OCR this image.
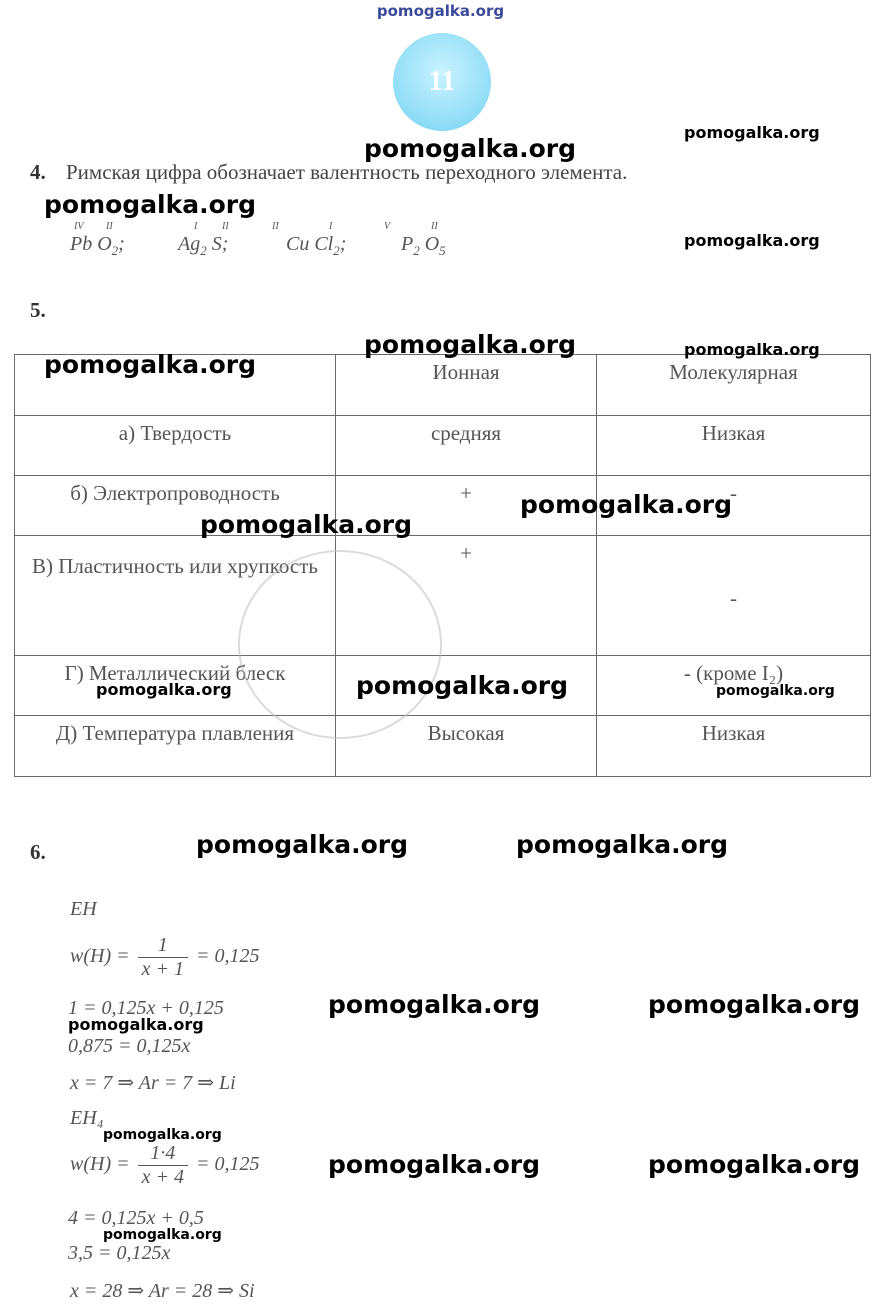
pomogalka.org
11
4. Римская цифра обозначает валентность переходного элемента.
IV II
Pb $O_2$;
I II
$Ag_2$ S;
II	I
Cu $Cl_2$;
V	II
$P_2$ $O_5$
5.
	Ионная	Молекулярная
а) Твердость	средняя	Низкая
б) Электропроводность	+	-
В) Пластичность или хрупкость	+	-
Г) Металлический блеск		- (кроме I₂)
Д) Температура плавления	Высокая	Низкая
6.
EH
$w(H) = \frac{1}{x + 1} = 0,125$
1 = 0,125x + 0,125
0,875 = 0,125x
x = 7 ⇒ Ar = 7 ⇒ Li
EH₄
$w(H) = \frac{1\cdot 4}{x + 4} = 0,125$
4 = 0,125x + 0,5
3,5 = 0,125x
x = 28 ⇒ Ar = 28 ⇒ Si
pomogalka.org
pomogalka.org
pomogalka.org
pomogalka.org
pomogalka.org	pomogalka.org
pomogalka.org
pomogalka.org
pomogalka.org
pomogalka.org
pomogalka.org	pomogalka.org
pomogalka.org	pomogalka.org
pomogalka.org	pomogalka.org
pomogalka.org
pomogalka.org
pomogalka.org	pomogalka.org
pomogalka.org
